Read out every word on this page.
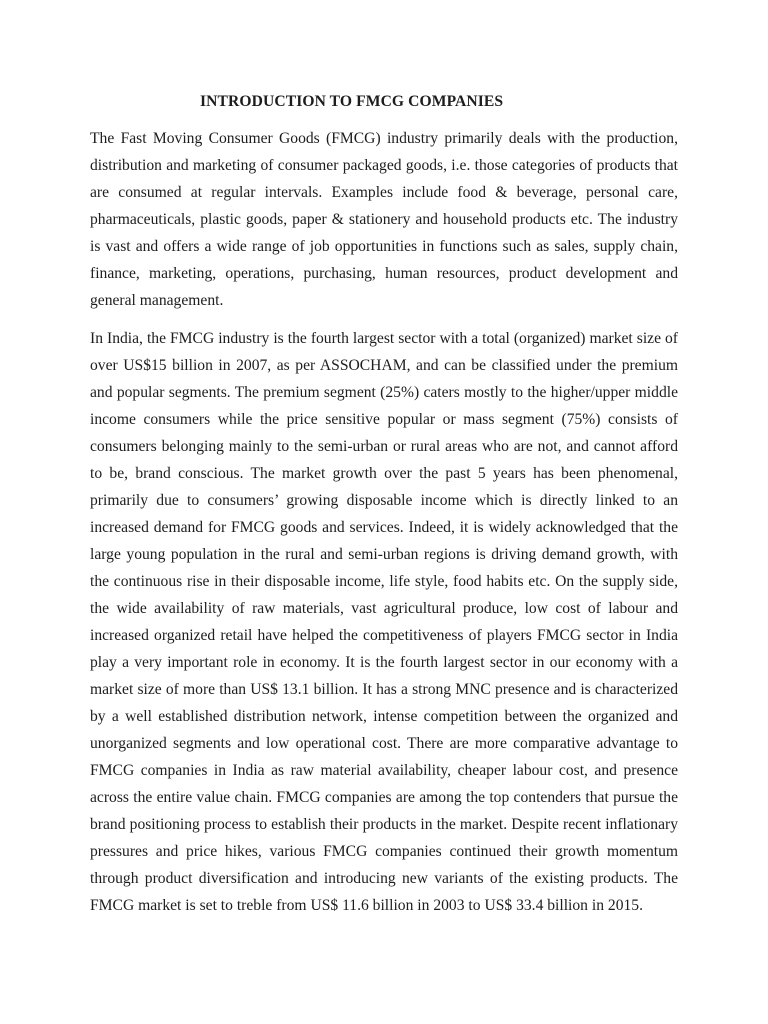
INTRODUCTION TO FMCG COMPANIES

The Fast Moving Consumer Goods (FMCG) industry primarily deals with the production, distribution and marketing of consumer packaged goods, i.e. those categories of products that are consumed at regular intervals. Examples include food & beverage, personal care, pharmaceuticals, plastic goods, paper & stationery and household products etc. The industry is vast and offers a wide range of job opportunities in functions such as sales, supply chain, finance, marketing, operations, purchasing, human resources, product development and general management.

In India, the FMCG industry is the fourth largest sector with a total (organized) market size of over US$15 billion in 2007, as per ASSOCHAM, and can be classified under the premium and popular segments. The premium segment (25%) caters mostly to the higher/upper middle income consumers while the price sensitive popular or mass segment (75%) consists of consumers belonging mainly to the semi-urban or rural areas who are not, and cannot afford to be, brand conscious. The market growth over the past 5 years has been phenomenal, primarily due to consumers’ growing disposable income which is directly linked to an increased demand for FMCG goods and services. Indeed, it is widely acknowledged that the large young population in the rural and semi-urban regions is driving demand growth, with the continuous rise in their disposable income, life style, food habits etc. On the supply side, the wide availability of raw materials, vast agricultural produce, low cost of labour and increased organized retail have helped the competitiveness of players FMCG sector in India play a very important role in economy. It is the fourth largest sector in our economy with a market size of more than US$ 13.1 billion. It has a strong MNC presence and is characterized by a well established distribution network, intense competition between the organized and unorganized segments and low operational cost. There are more comparative advantage to FMCG companies in India as raw material availability, cheaper labour cost, and presence across the entire value chain. FMCG companies are among the top contenders that pursue the brand positioning process to establish their products in the market. Despite recent inflationary pressures and price hikes, various FMCG companies continued their growth momentum through product diversification and introducing new variants of the existing products. The FMCG market is set to treble from US$ 11.6 billion in 2003 to US$ 33.4 billion in 2015.
